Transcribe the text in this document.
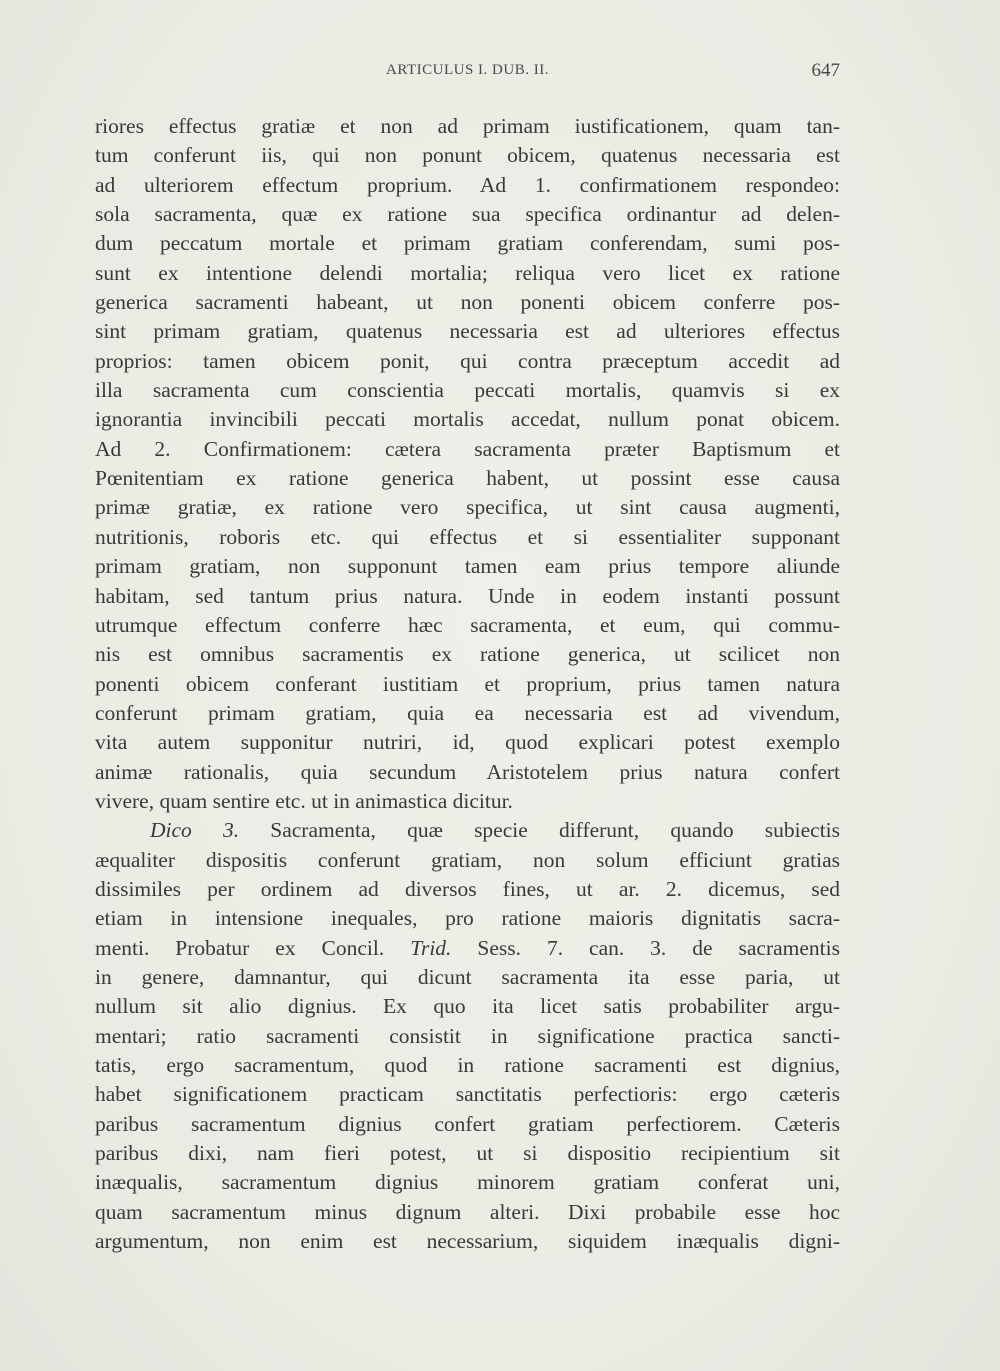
ARTICULUS I. DUB. II.	647
riores effectus gratiæ et non ad primam iustificationem, quam tan-
tum conferunt iis, qui non ponunt obicem, quatenus necessaria est
ad ulteriorem effectum proprium. Ad 1. confirmationem respondeo:
sola sacramenta, quæ ex ratione sua specifica ordinantur ad delen-
dum peccatum mortale et primam gratiam conferendam, sumi pos-
sunt ex intentione delendi mortalia; reliqua vero licet ex ratione
generica sacramenti habeant, ut non ponenti obicem conferre pos-
sint primam gratiam, quatenus necessaria est ad ulteriores effectus
proprios: tamen obicem ponit, qui contra præceptum accedit ad
illa sacramenta cum conscientia peccati mortalis, quamvis si ex
ignorantia invincibili peccati mortalis accedat, nullum ponat obicem.
Ad 2. Confirmationem: cætera sacramenta præter Baptismum et
Pœnitentiam ex ratione generica habent, ut possint esse causa
primæ gratiæ, ex ratione vero specifica, ut sint causa augmenti,
nutritionis, roboris etc. qui effectus et si essentialiter supponant
primam gratiam, non supponunt tamen eam prius tempore aliunde
habitam, sed tantum prius natura. Unde in eodem instanti possunt
utrumque effectum conferre hæc sacramenta, et eum, qui commu-
nis est omnibus sacramentis ex ratione generica, ut scilicet non
ponenti obicem conferant iustitiam et proprium, prius tamen natura
conferunt primam gratiam, quia ea necessaria est ad vivendum,
vita autem supponitur nutriri, id, quod explicari potest exemplo
animæ rationalis, quia secundum Aristotelem prius natura confert
vivere, quam sentire etc. ut in animastica dicitur.
Dico 3. Sacramenta, quæ specie differunt, quando subiectis
æqualiter dispositis conferunt gratiam, non solum efficiunt gratias
dissimiles per ordinem ad diversos fines, ut ar. 2. dicemus, sed
etiam in intensione inequales, pro ratione maioris dignitatis sacra-
menti. Probatur ex Concil. Trid. Sess. 7. can. 3. de sacramentis
in genere, damnantur, qui dicunt sacramenta ita esse paria, ut
nullum sit alio dignius. Ex quo ita licet satis probabiliter argu-
mentari; ratio sacramenti consistit in significatione practica sancti-
tatis, ergo sacramentum, quod in ratione sacramenti est dignius,
habet significationem practicam sanctitatis perfectioris: ergo cæteris
paribus sacramentum dignius confert gratiam perfectiorem. Cæteris
paribus dixi, nam fieri potest, ut si dispositio recipientium sit
inæqualis, sacramentum dignius minorem gratiam conferat uni,
quam sacramentum minus dignum alteri. Dixi probabile esse hoc
argumentum, non enim est necessarium, siquidem inæqualis digni-
